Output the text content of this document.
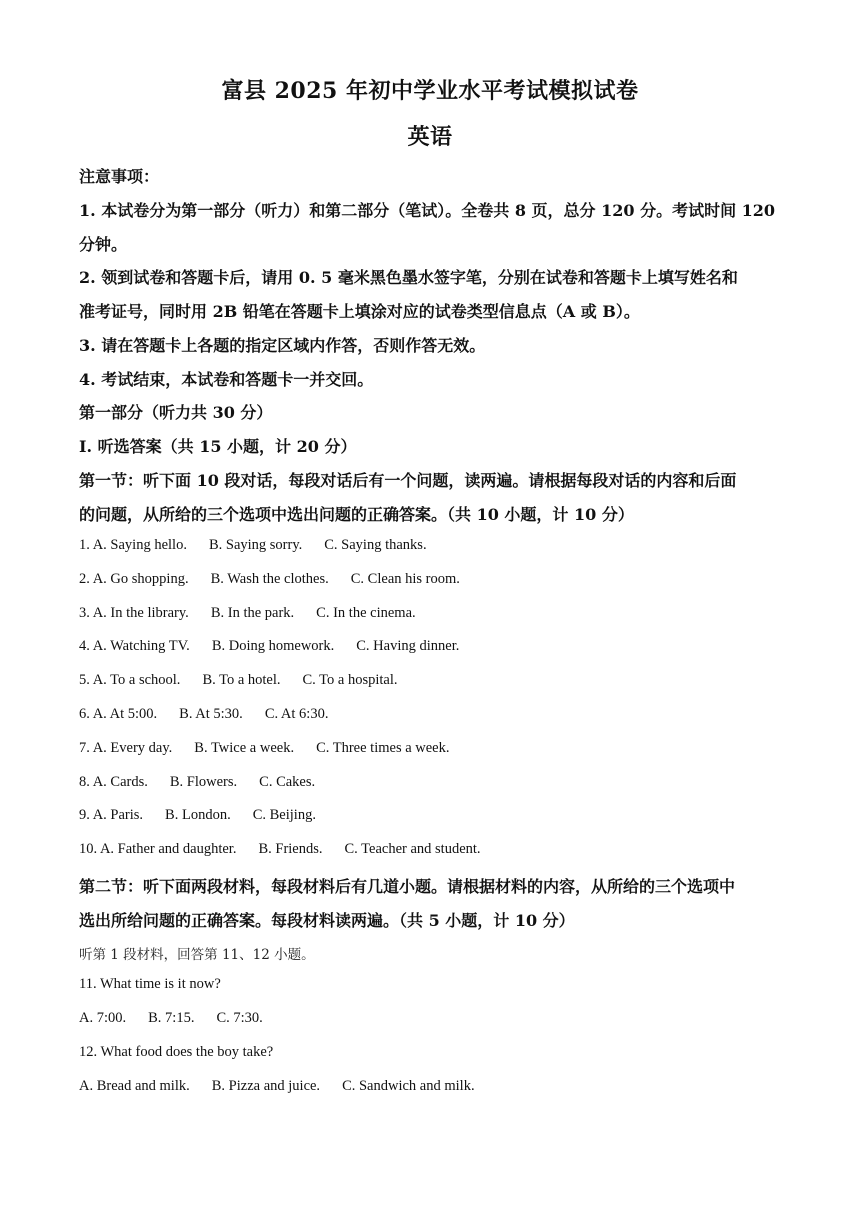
富县 2025 年初中学业水平考试模拟试卷
英语
注意事项：
1. 本试卷分为第一部分（听力）和第二部分（笔试）。全卷共 8 页，总分 120 分。考试时间 120
分钟。
2. 领到试卷和答题卡后，请用 0. 5 毫米黑色墨水签字笔，分别在试卷和答题卡上填写姓名和
准考证号，同时用 2B 铅笔在答题卡上填涂对应的试卷类型信息点（A 或 B）。
3. 请在答题卡上各题的指定区域内作答，否则作答无效。
4. 考试结束，本试卷和答题卡一并交回。
第一部分（听力共 30 分）
I. 听选答案（共 15 小题，计 20 分）
第一节：听下面 10 段对话，每段对话后有一个问题，读两遍。请根据每段对话的内容和后面
的问题，从所给的三个选项中选出问题的正确答案。（共 10 小题，计 10 分）
1. A. Saying hello. B. Saying sorry. C. Saying thanks.
2. A. Go shopping. B. Wash the clothes. C. Clean his room.
3. A. In the library. B. In the park. C. In the cinema.
4. A. Watching TV. B. Doing homework. C. Having dinner.
5. A. To a school. B. To a hotel. C. To a hospital.
6. A. At 5:00. B. At 5:30. C. At 6:30.
7. A. Every day. B. Twice a week. C. Three times a week.
8. A. Cards. B. Flowers. C. Cakes.
9. A. Paris. B. London. C. Beijing.
10. A. Father and daughter. B. Friends. C. Teacher and student.
第二节：听下面两段材料，每段材料后有几道小题。请根据材料的内容，从所给的三个选项中
选出所给问题的正确答案。每段材料读两遍。（共 5 小题，计 10 分）
听第 1 段材料，回答第 11、12 小题。
11. What time is it now?
A. 7:00. B. 7:15. C. 7:30.
12. What food does the boy take?
A. Bread and milk. B. Pizza and juice. C. Sandwich and milk.
